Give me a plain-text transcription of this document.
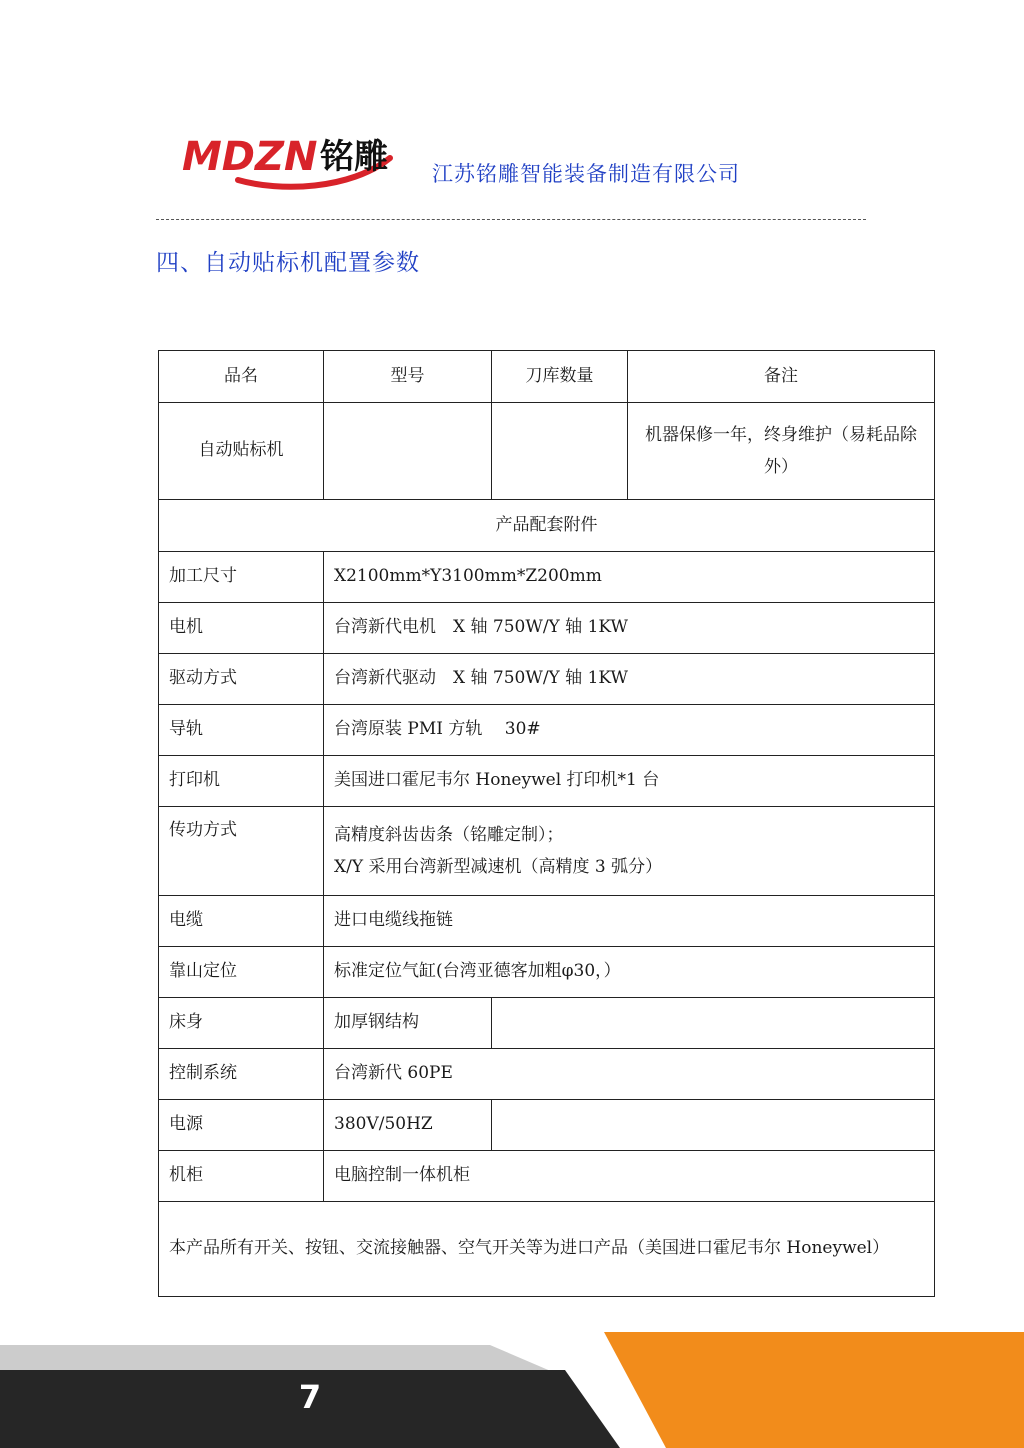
MDZN 铭雕 江苏铭雕智能装备制造有限公司
四、自动贴标机配置参数
品名	型号	刀库数量	备注
自动贴标机			机器保修一年，终身维护（易耗品除外）
产品配套附件			
加工尺寸	X2100mm*Y3100mm*Z200mm		
电机	台湾新代电机　X 轴 750W/Y 轴 1KW		
驱动方式	台湾新代驱动　X 轴 750W/Y 轴 1KW		
导轨	台湾原装 PMI 方轨　 30#		
打印机	美国进口霍尼韦尔 Honeywel 打印机*1 台		
传功方式	高精度斜齿齿条（铭雕定制）；
X/Y 采用台湾新型减速机（高精度 3 弧分）		

电缆	进口电缆线拖链		
靠山定位	标准定位气缸(台湾亚德客加粗φ30，）		
床身	加厚钢结构		
控制系统	台湾新代 60PE		
电源	380V/50HZ		
机柜	电脑控制一体机柜		
本产品所有开关、按钮、交流接触器、空气开关等为进口产品（美国进口霍尼韦尔 Honeywel）			
7
